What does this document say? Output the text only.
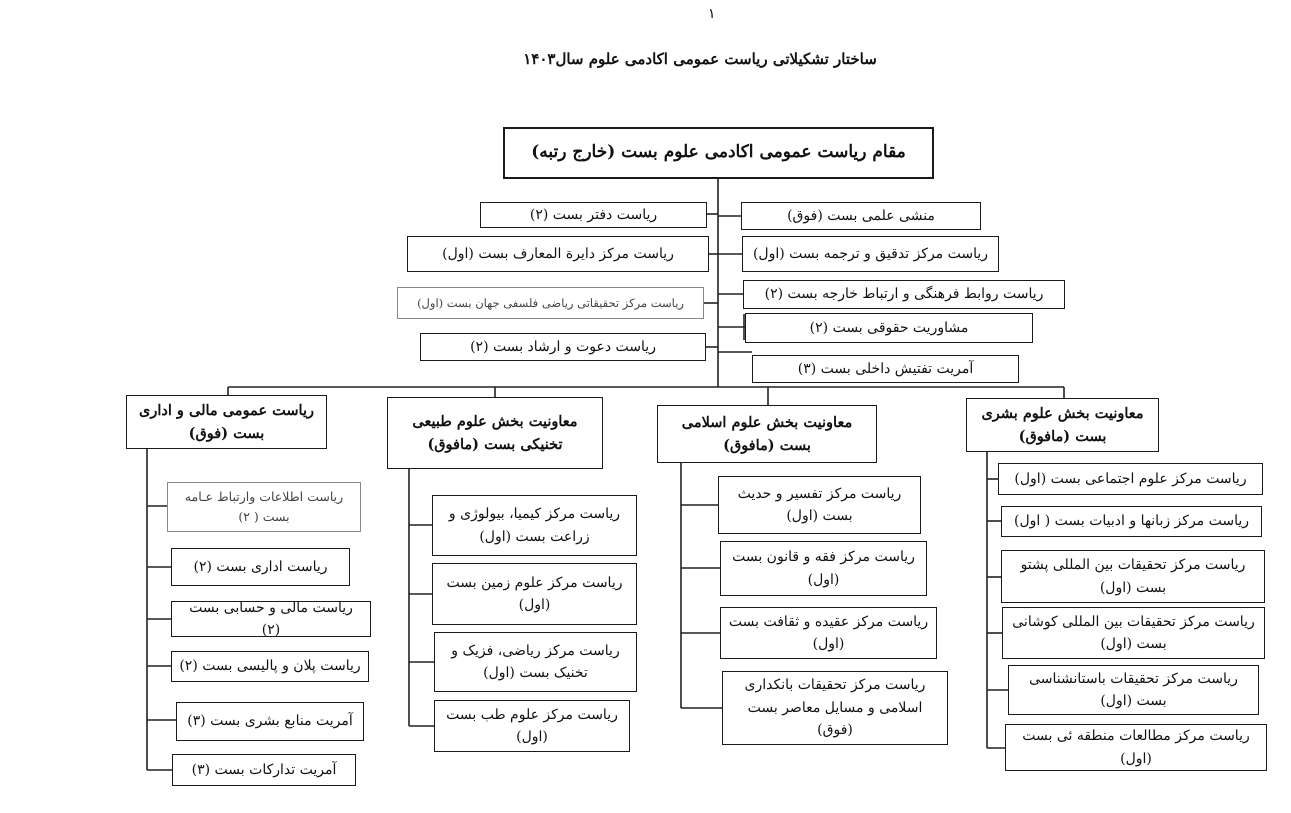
١
ساختار تشکیلاتی ریاست عمومی اکادمی علوم سال۱۴۰۳
مقام ریاست عمومی اکادمی علوم بست (خارج رتبه)
منشی علمی بست (فوق)
ریاست مرکز تدقیق و ترجمه بست (اول)
ریاست روابط فرهنگی و ارتباط خارجه بست (۲)
مشاوریت حقوقی بست (۲)
آمریت تفتیش داخلی بست (۳)
ریاست دفتر بست (۲)
ریاست مرکز دایرة المعارف بست (اول)
ریاست مرکز تحقیقاتی ریاضی فلسفی جهان بست (اول)
ریاست دعوت و ارشاد بست (۲)
ریاست عمومی مالی و اداری
بست (فوق)
ریاست اطلاعات وارتباط عـامه بست ( ۲)
ریاست اداری بست (۲)
ریاست مالی و حسابی بست (۲)
ریاست پلان و پالیسی بست (۲)
آمریت منابع بشری بست (۳)
آمریت تدارکات بست (۳)
معاونیت بخش علوم طبیعی
تخنیکی بست (مافوق)
ریاست مرکز کیمیا، بیولوژی و زراعت بست (اول)
ریاست مرکز علوم زمین بست (اول)
ریاست مرکز ریاضی، فزیک و تخنیک بست (اول)
ریاست مرکز علوم طب بست (اول)
معاونیت بخش علوم اسلامی
بست (مافوق)
ریاست مرکز تفسیر و حدیث بست (اول)
ریاست مرکز فقه و قانون بست (اول)
ریاست مرکز عقیده و ثقافت بست (اول)
ریاست مرکز تحقیقات بانکداری اسلامی و مسایل معاصر بست (فوق)
معاونیت بخش علوم بشری
بست (مافوق)
ریاست مرکز علوم اجتماعی بست (اول)
ریاست مرکز زبانها و ادبیات بست ( اول)
ریاست مرکز تحقیقات بین المللی پشتو بست (اول)
ریاست مرکز تحقیقات بین المللی کوشانی بست (اول)
ریاست مرکز تحقیقات باستانشناسی بست (اول)
ریاست مرکز مطالعات منطقه ئی بست (اول)
